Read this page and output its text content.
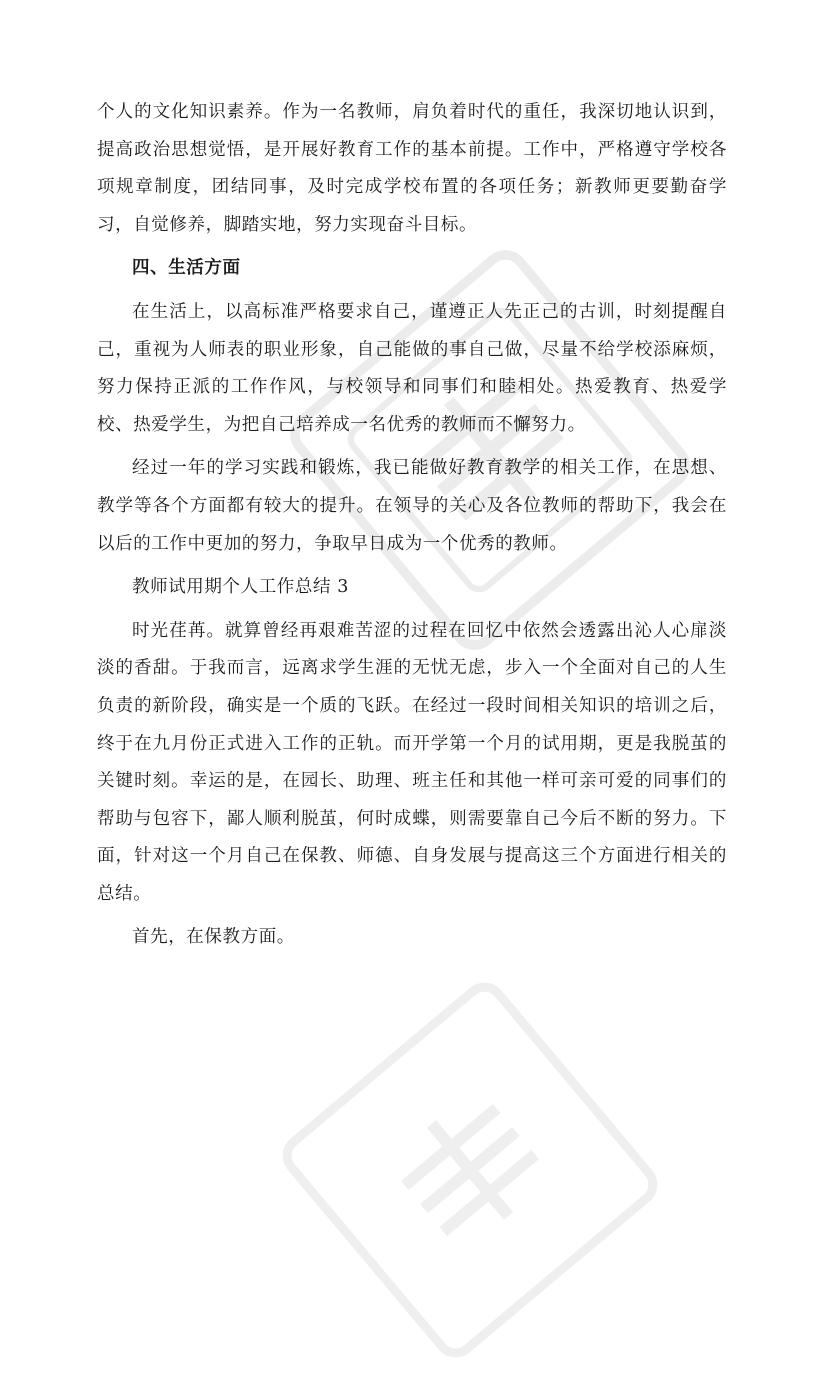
个人的文化知识素养。作为一名教师，肩负着时代的重任，我深切地认识到，提高政治思想觉悟，是开展好教育工作的基本前提。工作中，严格遵守学校各项规章制度，团结同事，及时完成学校布置的各项任务；新教师更要勤奋学习，自觉修养，脚踏实地，努力实现奋斗目标。

四、生活方面

在生活上，以高标准严格要求自己，谨遵正人先正己的古训，时刻提醒自己，重视为人师表的职业形象，自己能做的事自己做，尽量不给学校添麻烦，努力保持正派的工作作风，与校领导和同事们和睦相处。热爱教育、热爱学校、热爱学生，为把自己培养成一名优秀的教师而不懈努力。

经过一年的学习实践和锻炼，我已能做好教育教学的相关工作，在思想、教学等各个方面都有较大的提升。在领导的关心及各位教师的帮助下，我会在以后的工作中更加的努力，争取早日成为一个优秀的教师。

教师试用期个人工作总结 3

时光荏苒。就算曾经再艰难苦涩的过程在回忆中依然会透露出沁人心扉淡淡的香甜。于我而言，远离求学生涯的无忧无虑，步入一个全面对自己的人生负责的新阶段，确实是一个质的飞跃。在经过一段时间相关知识的培训之后，终于在九月份正式进入工作的正轨。而开学第一个月的试用期，更是我脱茧的关键时刻。幸运的是，在园长、助理、班主任和其他一样可亲可爱的同事们的帮助与包容下，鄙人顺利脱茧，何时成蝶，则需要靠自己今后不断的努力。下面，针对这一个月自己在保教、师德、自身发展与提高这三个方面进行相关的总结。

首先，在保教方面。
